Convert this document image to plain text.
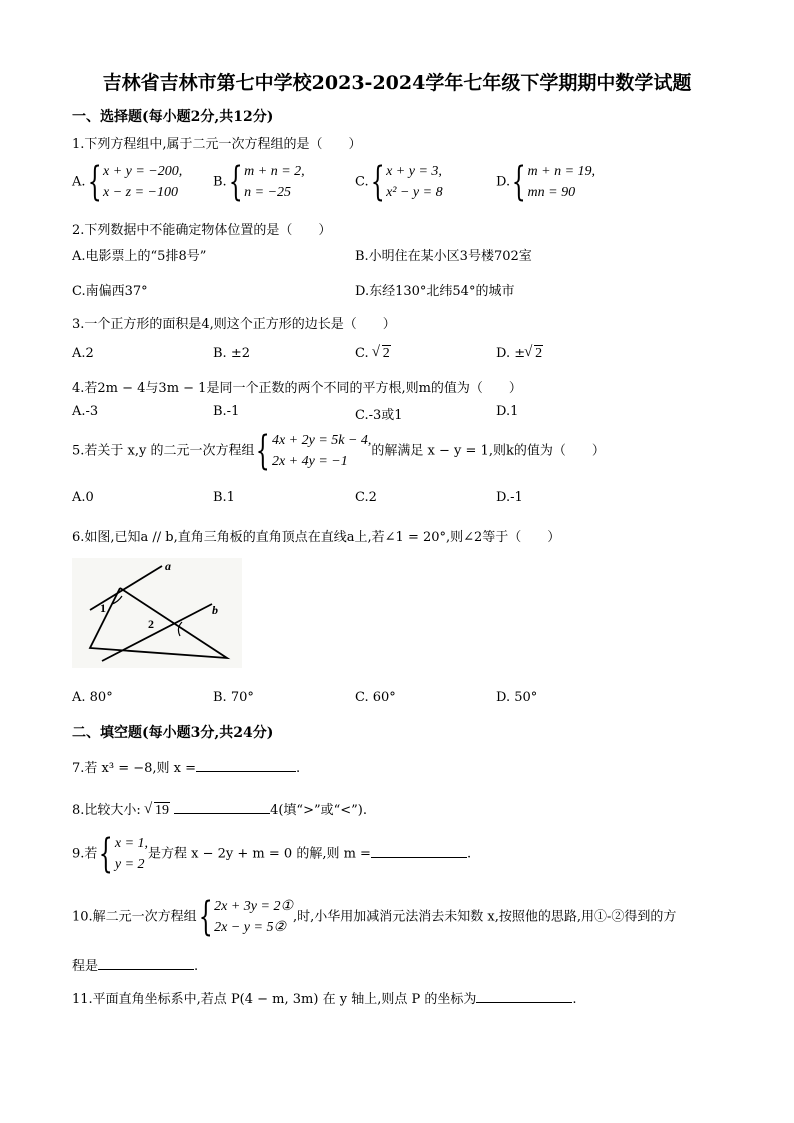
吉林省吉林市第七中学校2023-2024学年七年级下学期期中数学试题
一、选择题(每小题2分,共12分)
1.下列方程组中,属于二元一次方程组的是（　　）
A. { x + y = −200,
x − z = −100
B. { m + n = 2,
n = −25
C. { x + y = 3,
x² − y = 8
D. { m + n = 19,
mn = 90
2.下列数据中不能确定物体位置的是（　　）
A.电影票上的“5排8号”	B.小明住在某小区3号楼702室
C.南偏西37°	D.东经130°北纬54°的城市
3.一个正方形的面积是4,则这个正方形的边长是（　　）
A.2	B. ±2	C. √ 2	D. ± √ 2
4.若2m − 4与3m − 1是同一个正数的两个不同的平方根,则m的值为（　　）
A.-3	B.-1	C.-3或1	D.1
5.若关于 x,y 的二元一次方程组 { 4x + 2y = 5k − 4,
2x + 4y = −1
的解满足 x − y = 1,则k的值为（　　）
A.0	B.1	C.2	D.-1
6.如图,已知a // b,直角三角板的直角顶点在直线a上,若∠1 = 20°,则∠2等于（　　）
a
b
1
2
A. 80°	B. 70°	C. 60°	D. 50°
二、填空题(每小题3分,共24分)
7.若 x³ = −8,则 x =	.
8.比较大小: √ 19	4(填“>”或“<”).
9.若 { x = 1,
y = 2
是方程 x − 2y + m = 0 的解,则 m =	.
10.解二元一次方程组 { 2x + 3y = 2①
2x − y = 5②
,时,小华用加减消元法消去未知数 x,按照他的思路,用①-②得到的方
程是	.
11.平面直角坐标系中,若点 P(4 − m, 3m) 在 y 轴上,则点 P 的坐标为	.
